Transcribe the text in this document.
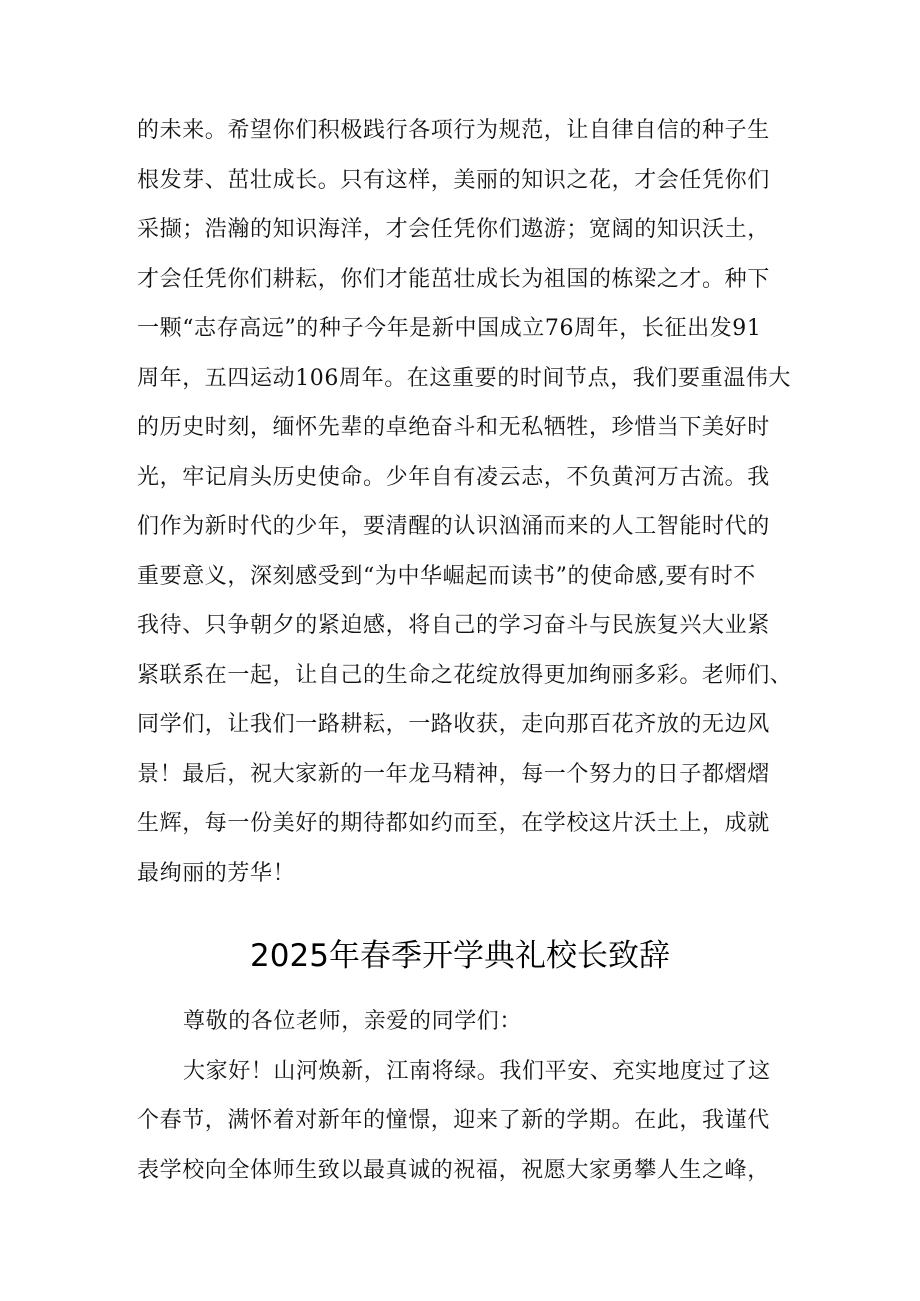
的未来。希望你们积极践行各项行为规范，让自律自信的种子生
根发芽、茁壮成长。只有这样，美丽的知识之花，才会任凭你们
采撷；浩瀚的知识海洋，才会任凭你们遨游；宽阔的知识沃土，
才会任凭你们耕耘，你们才能茁壮成长为祖国的栋梁之才。种下
一颗“志存高远”的种子今年是新中国成立76周年，长征出发91
周年，五四运动106周年。在这重要的时间节点，我们要重温伟大
的历史时刻，缅怀先辈的卓绝奋斗和无私牺牲，珍惜当下美好时
光，牢记肩头历史使命。少年自有凌云志，不负黄河万古流。我
们作为新时代的少年，要清醒的认识汹涌而来的人工智能时代的
重要意义，深刻感受到“为中华崛起而读书”的使命感,要有时不
我待、只争朝夕的紧迫感，将自己的学习奋斗与民族复兴大业紧
紧联系在一起，让自己的生命之花绽放得更加绚丽多彩。老师们、
同学们，让我们一路耕耘，一路收获，走向那百花齐放的无边风
景！最后，祝大家新的一年龙马精神，每一个努力的日子都熠熠
生辉，每一份美好的期待都如约而至，在学校这片沃土上，成就
最绚丽的芳华！
2025年春季开学典礼校长致辞
尊敬的各位老师，亲爱的同学们：
大家好！山河焕新，江南将绿。我们平安、充实地度过了这
个春节，满怀着对新年的憧憬，迎来了新的学期。在此，我谨代
表学校向全体师生致以最真诚的祝福，祝愿大家勇攀人生之峰，
